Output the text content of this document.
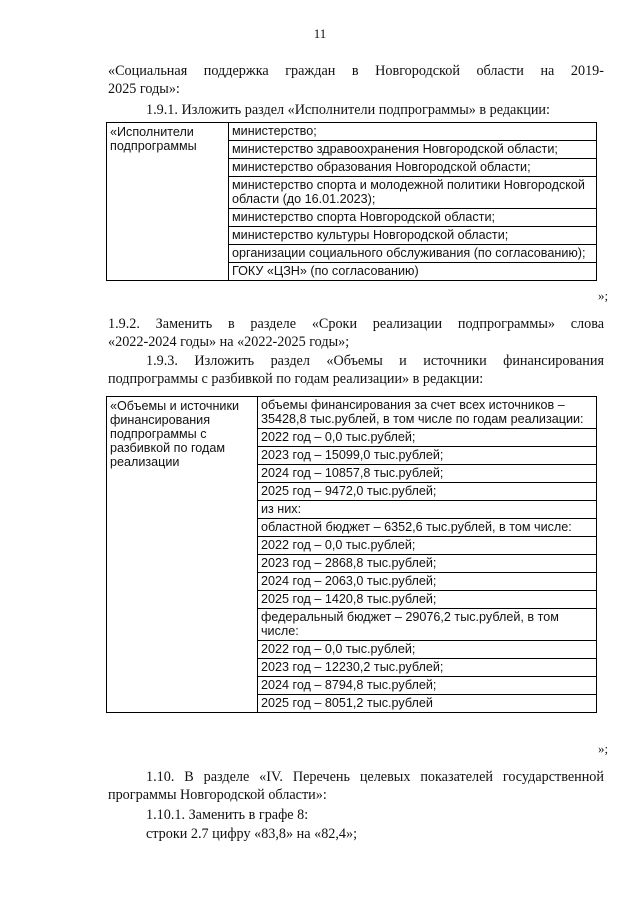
11
«Социальная поддержка граждан в Новгородской области на 2019-
2025 годы»:
1.9.1. Изложить раздел «Исполнители подпрограммы» в редакции:
«Исполнители подпрограммы	министерство;
министерство здравоохранения Новгородской области;
министерство образования Новгородской области;
министерство спорта и молодежной политики Новгородской области (до 16.01.2023);
министерство спорта Новгородской области;
министерство культуры Новгородской области;
организации социального обслуживания (по согласованию);
ГОКУ «ЦЗН» (по согласованию)
»;
1.9.2. Заменить в разделе «Сроки реализации подпрограммы» слова
«2022-2024 годы» на «2022-2025 годы»;
1.9.3. Изложить раздел «Объемы и источники финансирования
подпрограммы с разбивкой по годам реализации» в редакции:
«Объемы и источники финансирования подпрограммы с разбивкой по годам реализации	объемы финансирования за счет всех источников – 35428,8 тыс.рублей, в том числе по годам реализации:
2022 год – 0,0 тыс.рублей;
2023 год – 15099,0 тыс.рублей;
2024 год – 10857,8 тыс.рублей;
2025 год – 9472,0 тыс.рублей;
из них:
областной бюджет – 6352,6 тыс.рублей, в том числе:
2022 год – 0,0 тыс.рублей;
2023 год – 2868,8 тыс.рублей;
2024 год – 2063,0 тыс.рублей;
2025 год – 1420,8 тыс.рублей;
федеральный бюджет – 29076,2 тыс.рублей, в том числе:
2022 год – 0,0 тыс.рублей;
2023 год – 12230,2 тыс.рублей;
2024 год – 8794,8 тыс.рублей;
2025 год – 8051,2 тыс.рублей
»;
1.10. В разделе «IV. Перечень целевых показателей государственной
программы Новгородской области»:
1.10.1. Заменить в графе 8:
строки 2.7 цифру «83,8» на «82,4»;
